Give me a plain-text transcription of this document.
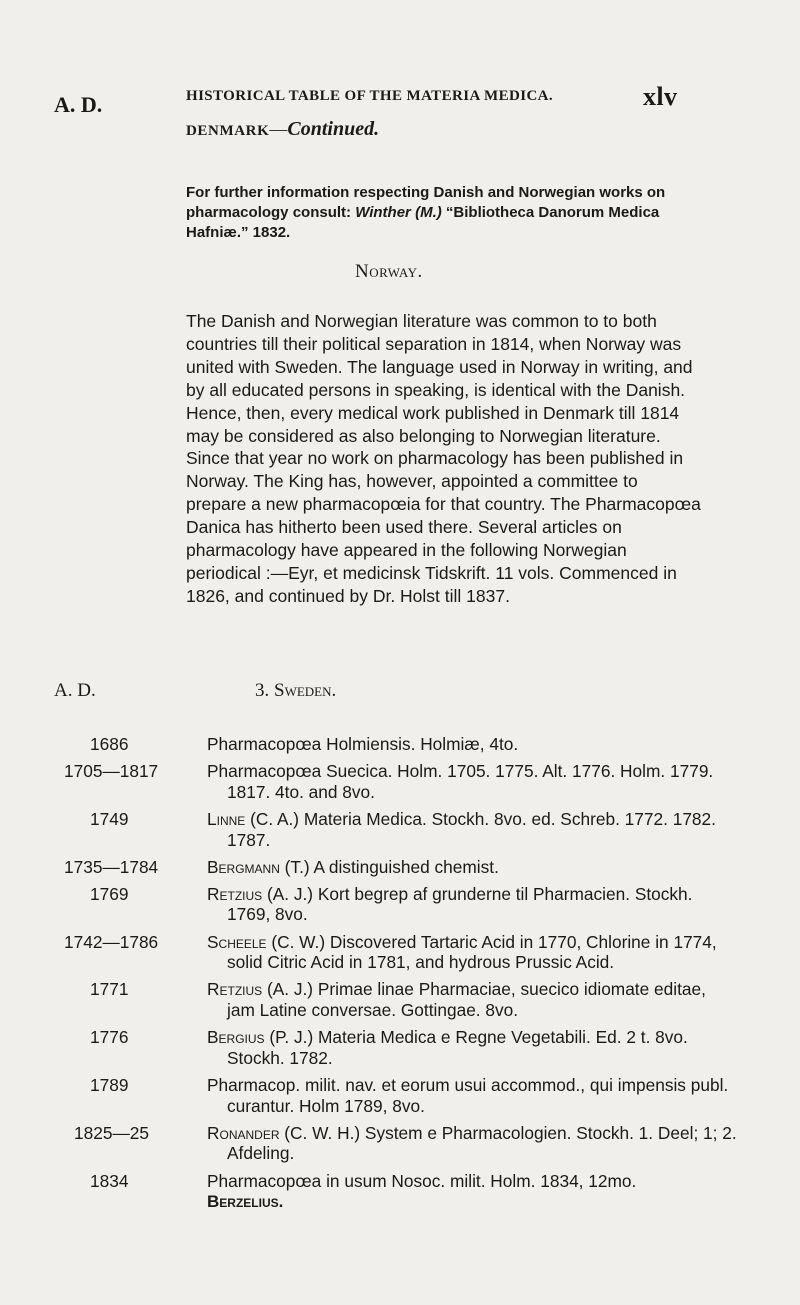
HISTORICAL TABLE OF THE MATERIA MEDICA.	xlv
A. D.
DENMARK—Continued.

For further information respecting Danish and Norwegian works on pharmacology consult: Winther (M.) “Bibliotheca Danorum Medica Hafniæ.” 1832.

Norway.

The Danish and Norwegian literature was common to to both countries till their political separation in 1814, when Norway was united with Sweden. The language used in Norway in writing, and by all educated persons in speaking, is identical with the Danish. Hence, then, every medical work published in Denmark till 1814 may be considered as also belonging to Norwegian literature. Since that year no work on pharmacology has been published in Norway. The King has, however, appointed a committee to prepare a new pharmacopœia for that country. The Pharmacopœa Danica has hitherto been used there. Several articles on pharmacology have appeared in the following Norwegian periodical :—Eyr, et medicinsk Tidskrift. 11 vols. Commenced in 1826, and continued by Dr. Holst till 1837.

A. D.	3. Sweden.
1686	Pharmacopœa Holmiensis. Holmiæ, 4to.
1705—1817	Pharmacopœa Suecica. Holm. 1705. 1775. Alt. 1776. Holm. 1779. 1817. 4to. and 8vo.
1749	Linne (C. A.) Materia Medica. Stockh. 8vo. ed. Schreb. 1772. 1782. 1787.
1735—1784	Bergmann (T.) A distinguished chemist.
1769	Retzius (A. J.) Kort begrep af grunderne til Pharmacien. Stockh. 1769, 8vo.
1742—1786	Scheele (C. W.) Discovered Tartaric Acid in 1770, Chlorine in 1774, solid Citric Acid in 1781, and hydrous Prussic Acid.
1771	Retzius (A. J.) Primae linae Pharmaciae, suecico idiomate editae, jam Latine conversae. Gottingae. 8vo.
1776	Bergius (P. J.) Materia Medica e Regne Vegetabili. Ed. 2 t. 8vo. Stockh. 1782.
1789	Pharmacop. milit. nav. et eorum usui accommod., qui impensis publ. curantur. Holm 1789, 8vo.
1825—25	Ronander (C. W. H.) System e Pharmacologien. Stockh. 1. Deel; 1; 2. Afdeling.
1834	Pharmacopœa in usum Nosoc. milit. Holm. 1834, 12mo.
Berzelius.
